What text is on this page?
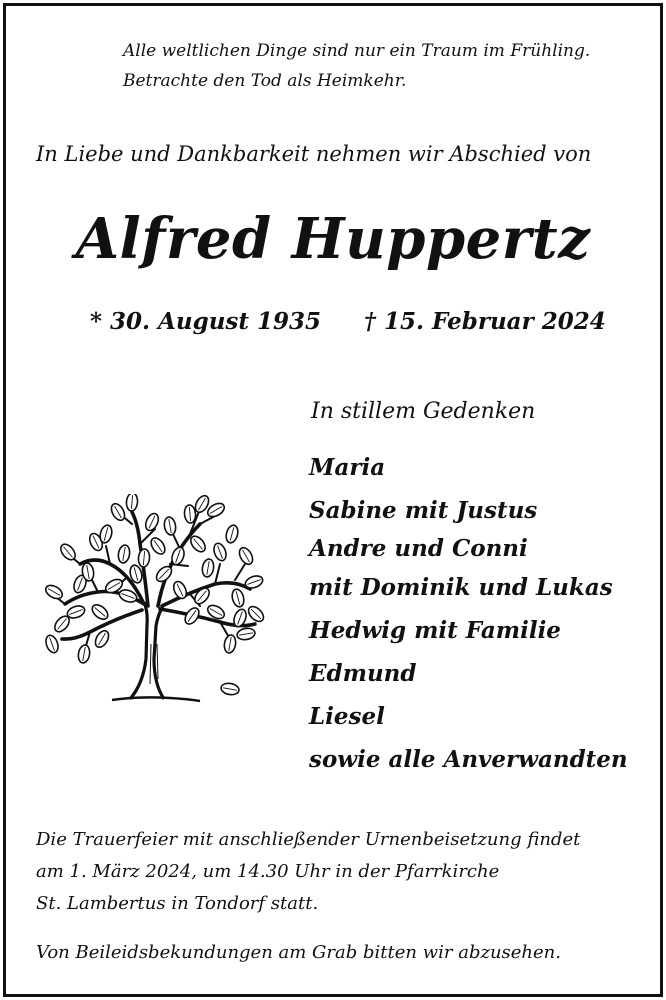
Alle weltlichen Dinge sind nur ein Traum im Frühling.
Betrachte den Tod als Heimkehr.

In Liebe und Dankbarkeit nehmen wir Abschied von

Alfred Huppertz

* 30. August 1935 † 15. Februar 2024

In stillem Gedenken

Maria
Sabine mit Justus
Andre und Conni
mit Dominik und Lukas
Hedwig mit Familie
Edmund
Liesel
sowie alle Anverwandten

Die Trauerfeier mit anschließender Urnenbeisetzung findet
am 1. März 2024, um 14.30 Uhr in der Pfarrkirche
St. Lambertus in Tondorf statt.

Von Beileidsbekundungen am Grab bitten wir abzusehen.
